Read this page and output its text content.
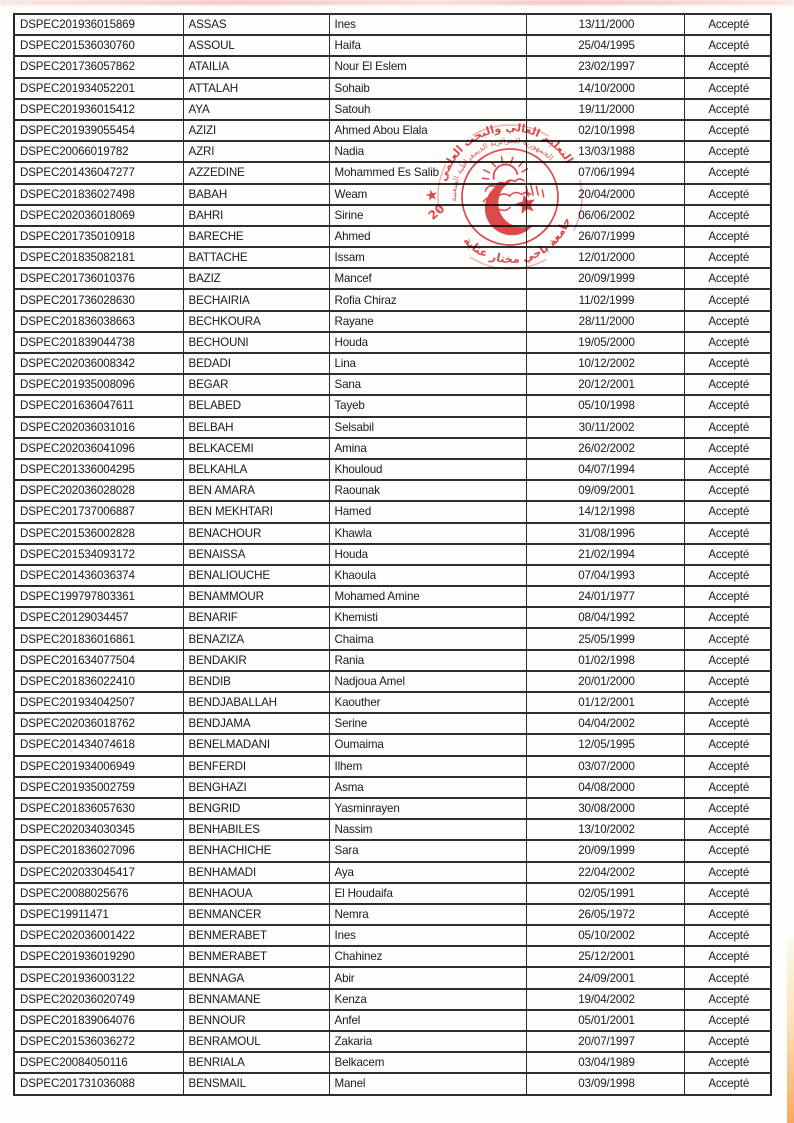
DSPEC201936015869	ASSAS	Ines	13/11/2000	Accepté
DSPEC201536030760	ASSOUL	Haifa	25/04/1995	Accepté
DSPEC201736057862	ATAILIA	Nour El Eslem	23/02/1997	Accepté
DSPEC201934052201	ATTALAH	Sohaib	14/10/2000	Accepté
DSPEC201936015412	AYA	Satouh	19/11/2000	Accepté
DSPEC201939055454	AZIZI	Ahmed Abou Elala	02/10/1998	Accepté
DSPEC20066019782	AZRI	Nadia	13/03/1988	Accepté
DSPEC201436047277	AZZEDINE	Mohammed Es Salib	07/06/1994	Accepté
DSPEC201836027498	BABAH	Weam	20/04/2000	Accepté
DSPEC202036018069	BAHRI	Sirine	06/06/2002	Accepté
DSPEC201735010918	BARECHE	Ahmed	26/07/1999	Accepté
DSPEC201835082181	BATTACHE	Issam	12/01/2000	Accepté
DSPEC201736010376	BAZIZ	Mancef	20/09/1999	Accepté
DSPEC201736028630	BECHAIRIA	Rofia Chiraz	11/02/1999	Accepté
DSPEC201836038663	BECHKOURA	Rayane	28/11/2000	Accepté
DSPEC201839044738	BECHOUNI	Houda	19/05/2000	Accepté
DSPEC202036008342	BEDADI	Lina	10/12/2002	Accepté
DSPEC201935008096	BEGAR	Sana	20/12/2001	Accepté
DSPEC201636047611	BELABED	Tayeb	05/10/1998	Accepté
DSPEC202036031016	BELBAH	Selsabil	30/11/2002	Accepté
DSPEC202036041096	BELKACEMI	Amina	26/02/2002	Accepté
DSPEC201336004295	BELKAHLA	Khouloud	04/07/1994	Accepté
DSPEC202036028028	BEN AMARA	Raounak	09/09/2001	Accepté
DSPEC201737006887	BEN MEKHTARI	Hamed	14/12/1998	Accepté
DSPEC201536002828	BENACHOUR	Khawla	31/08/1996	Accepté
DSPEC201534093172	BENAISSA	Houda	21/02/1994	Accepté
DSPEC201436036374	BENALIOUCHE	Khaoula	07/04/1993	Accepté
DSPEC199797803361	BENAMMOUR	Mohamed Amine	24/01/1977	Accepté
DSPEC20129034457	BENARIF	Khemisti	08/04/1992	Accepté
DSPEC201836016861	BENAZIZA	Chaima	25/05/1999	Accepté
DSPEC201634077504	BENDAKIR	Rania	01/02/1998	Accepté
DSPEC201836022410	BENDIB	Nadjoua Amel	20/01/2000	Accepté
DSPEC201934042507	BENDJABALLAH	Kaouther	01/12/2001	Accepté
DSPEC202036018762	BENDJAMA	Serine	04/04/2002	Accepté
DSPEC201434074618	BENELMADANI	Oumaima	12/05/1995	Accepté
DSPEC201934006949	BENFERDI	Ilhem	03/07/2000	Accepté
DSPEC201935002759	BENGHAZI	Asma	04/08/2000	Accepté
DSPEC201836057630	BENGRID	Yasminrayen	30/08/2000	Accepté
DSPEC202034030345	BENHABILES	Nassim	13/10/2002	Accepté
DSPEC201836027096	BENHACHICHE	Sara	20/09/1999	Accepté
DSPEC202033045417	BENHAMADI	Aya	22/04/2002	Accepté
DSPEC20088025676	BENHAOUA	El Houdaifa	02/05/1991	Accepté
DSPEC19911471	BENMANCER	Nemra	26/05/1972	Accepté
DSPEC202036001422	BENMERABET	Ines	05/10/2002	Accepté
DSPEC201936019290	BENMERABET	Chahinez	25/12/2001	Accepté
DSPEC201936003122	BENNAGA	Abir	24/09/2001	Accepté
DSPEC202036020749	BENNAMANE	Kenza	19/04/2002	Accepté
DSPEC201839064076	BENNOUR	Anfel	05/01/2001	Accepté
DSPEC201536036272	BENRAMOUL	Zakaria	20/07/1997	Accepté
DSPEC20084050116	BENRIALA	Belkacem	03/04/1989	Accepté
DSPEC201731036088	BENSMAIL	Manel	03/09/1998	Accepté
التعليم العالي والبحث العلمي
الجمهورية الجزائرية الديمقراطية الشعبية
جامعة باجي مختار عنابة
★
20
